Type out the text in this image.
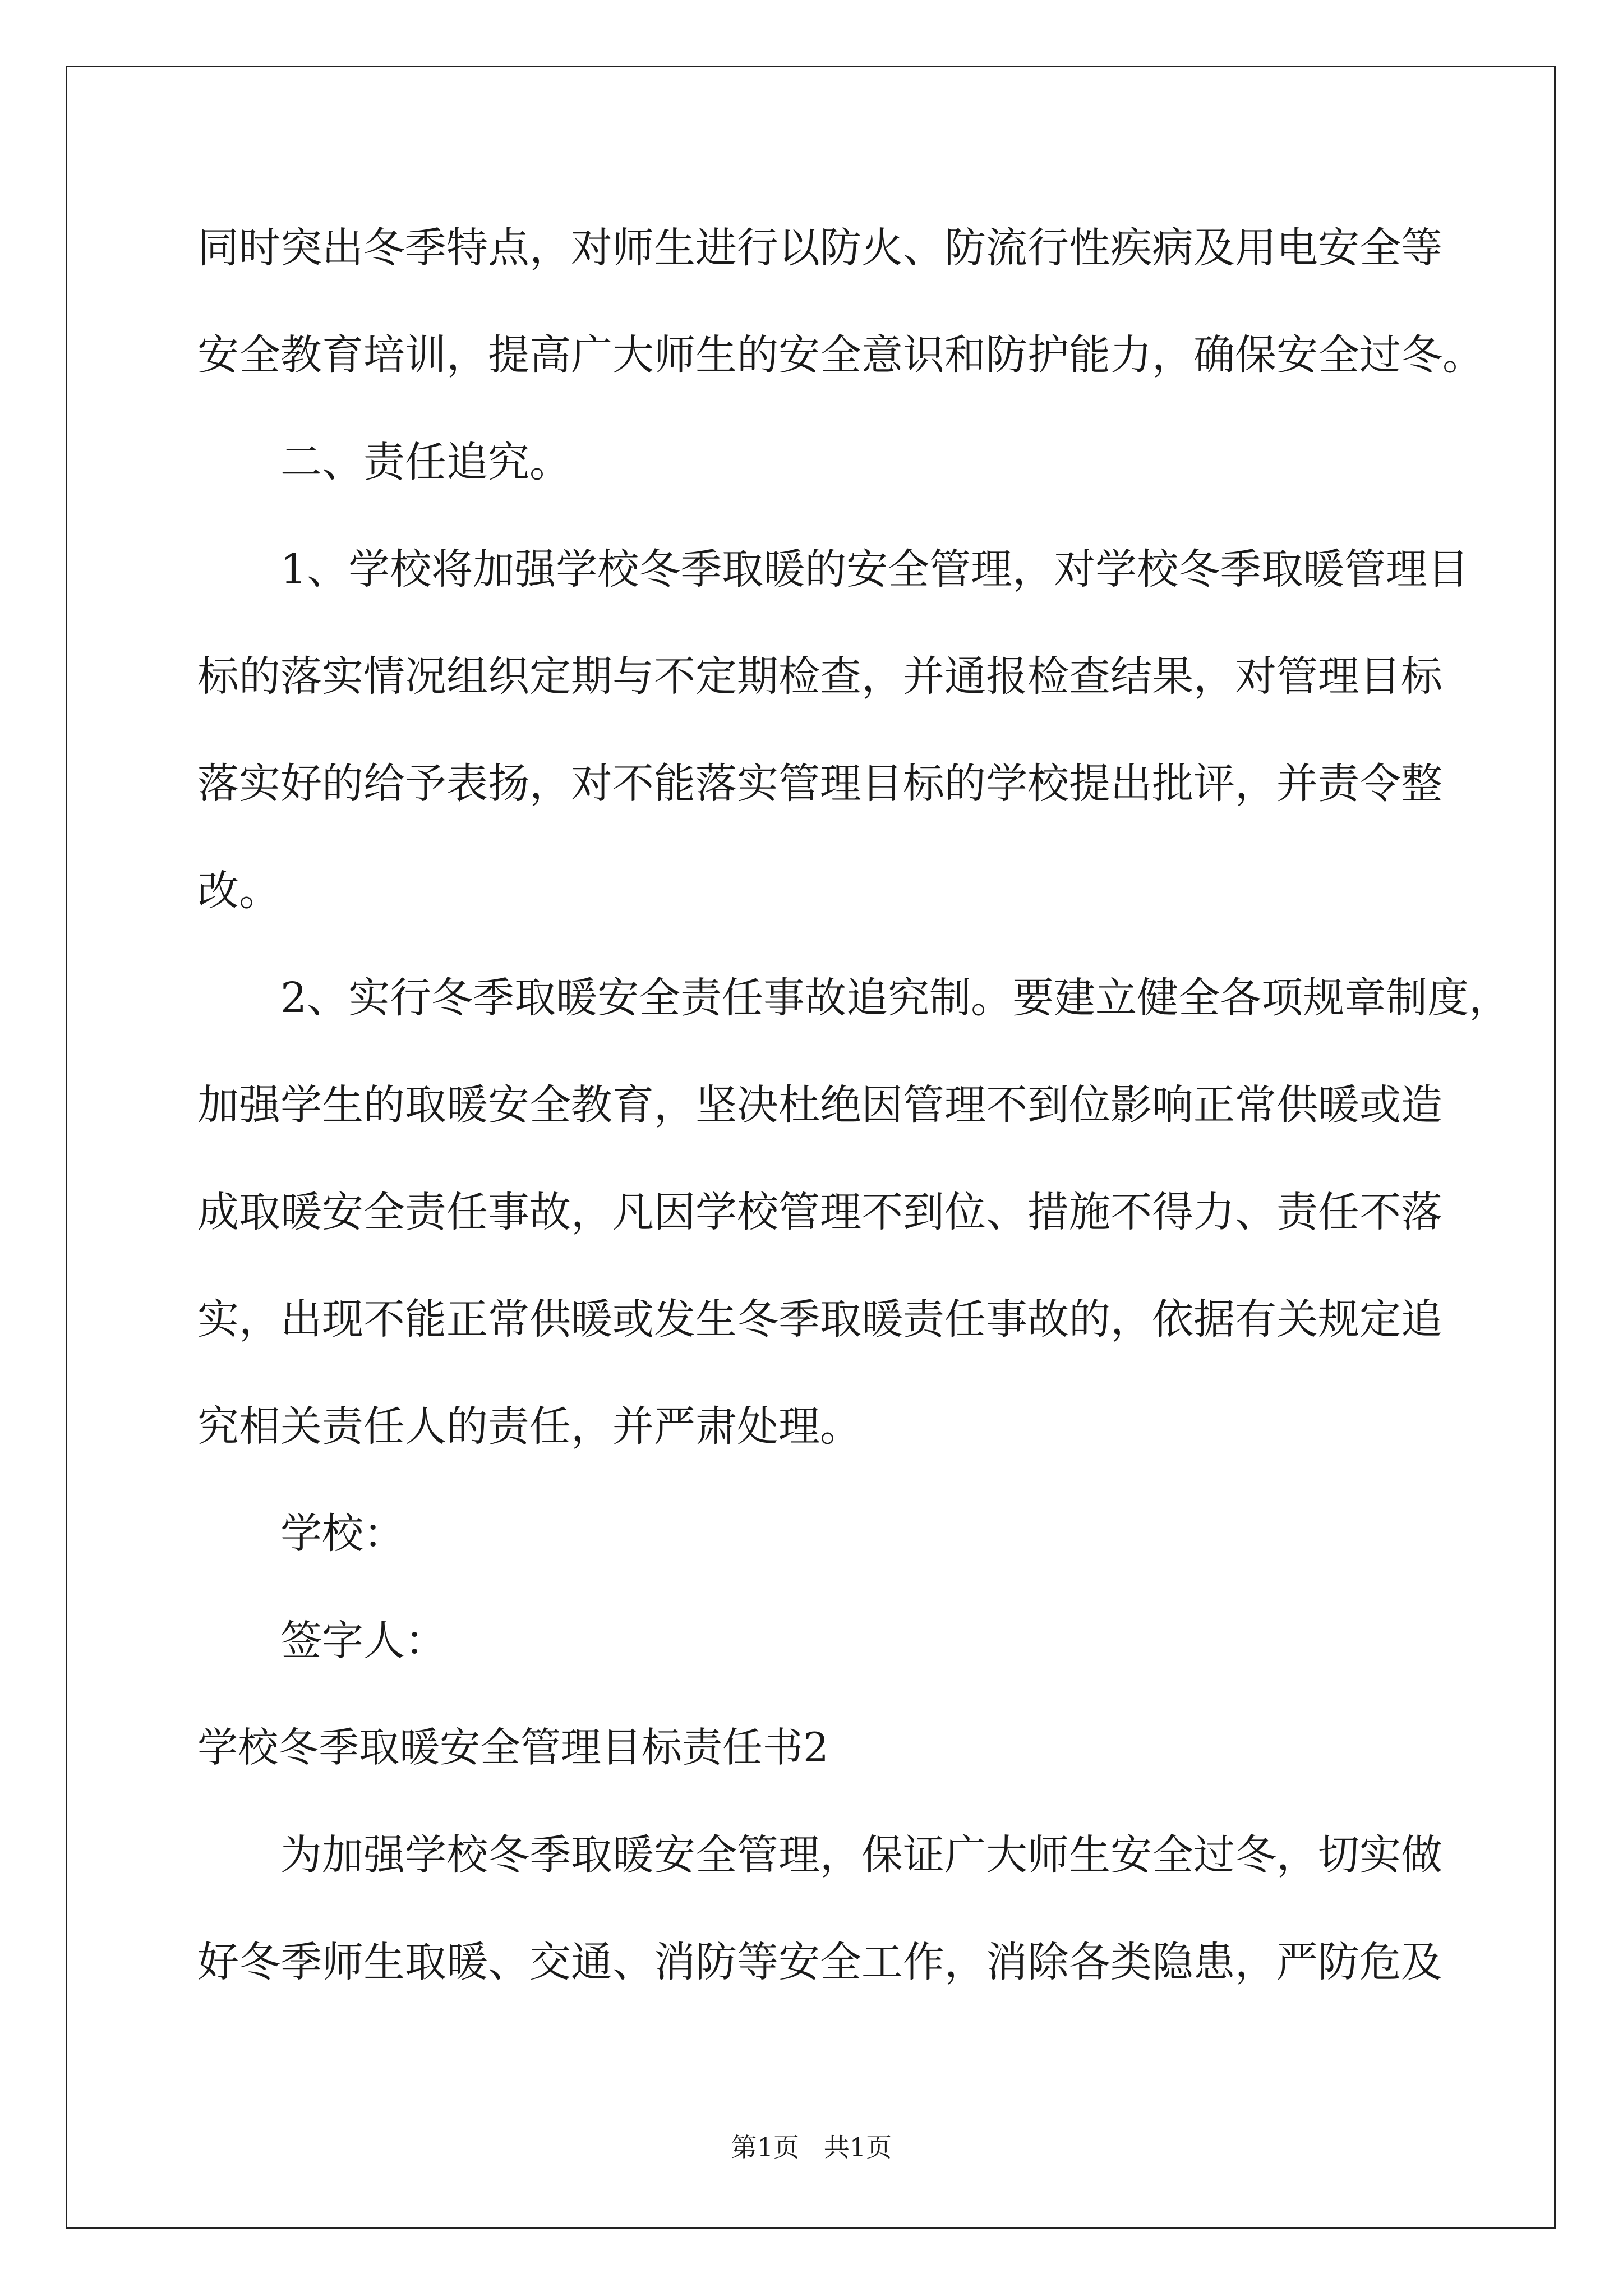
同时突出冬季特点，对师生进行以防火、防流行性疾病及用电安全等
安全教育培训，提高广大师生的安全意识和防护能力，确保安全过冬。
二、责任追究。
1、学校将加强学校冬季取暖的安全管理，对学校冬季取暖管理目
标的落实情况组织定期与不定期检查，并通报检查结果，对管理目标
落实好的给予表扬，对不能落实管理目标的学校提出批评，并责令整
改。
2、实行冬季取暖安全责任事故追究制。要建立健全各项规章制度，
加强学生的取暖安全教育，坚决杜绝因管理不到位影响正常供暖或造
成取暖安全责任事故，凡因学校管理不到位、措施不得力、责任不落
实，出现不能正常供暖或发生冬季取暖责任事故的，依据有关规定追
究相关责任人的责任，并严肃处理。
学校：
签字人：
学校冬季取暖安全管理目标责任书2
为加强学校冬季取暖安全管理，保证广大师生安全过冬，切实做
好冬季师生取暖、交通、消防等安全工作，消除各类隐患，严防危及
第1页   共1页
